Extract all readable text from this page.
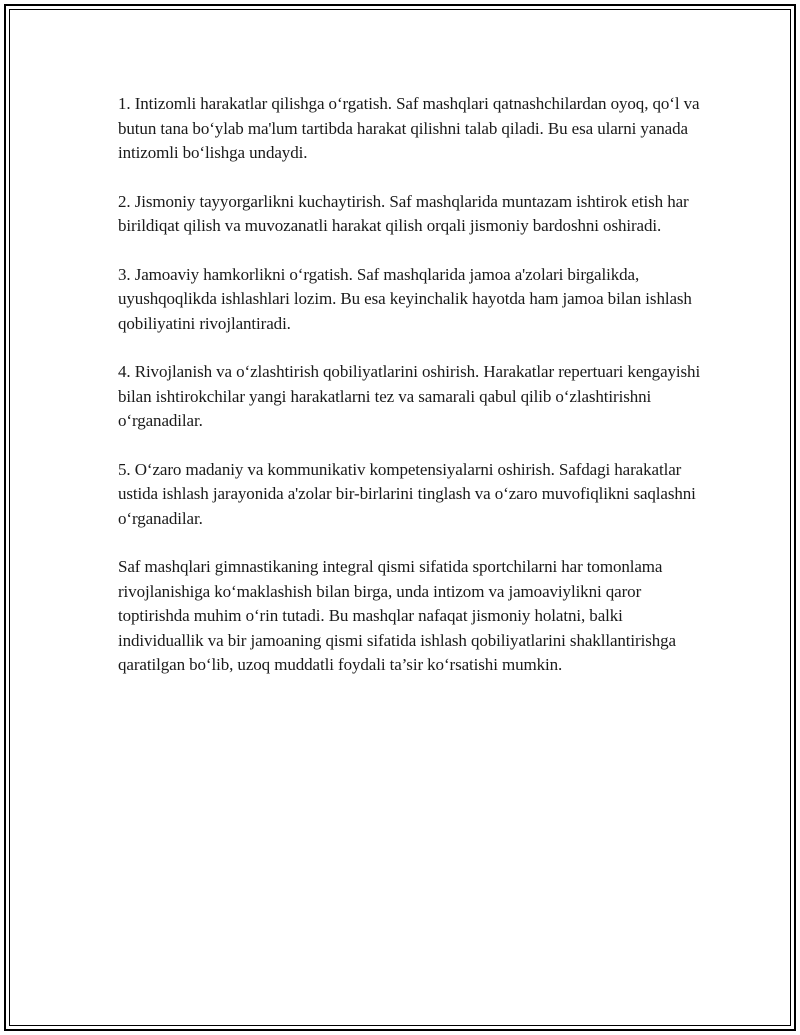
1. Intizomli harakatlar qilishga o‘rgatish. Saf mashqlari qatnashchilardan oyoq, qo‘l va butun tana bo‘ylab ma'lum tartibda harakat qilishni talab qiladi. Bu esa ularni yanada intizomli bo‘lishga undaydi.

2. Jismoniy tayyorgarlikni kuchaytirish. Saf mashqlarida muntazam ishtirok etish har birildiqat qilish va muvozanatli harakat qilish orqali jismoniy bardoshni oshiradi.

3. Jamoaviy hamkorlikni o‘rgatish. Saf mashqlarida jamoa a'zolari birgalikda, uyushqoqlikda ishlashlari lozim. Bu esa keyinchalik hayotda ham jamoa bilan ishlash qobiliyatini rivojlantiradi.

4. Rivojlanish va o‘zlashtirish qobiliyatlarini oshirish. Harakatlar repertuari kengayishi bilan ishtirokchilar yangi harakatlarni tez va samarali qabul qilib o‘zlashtirishni o‘rganadilar.

5. O‘zaro madaniy va kommunikativ kompetensiyalarni oshirish. Safdagi harakatlar ustida ishlash jarayonida a'zolar bir-birlarini tinglash va o‘zaro muvofiqlikni saqlashni o‘rganadilar.

Saf mashqlari gimnastikaning integral qismi sifatida sportchilarni har tomonlama rivojlanishiga ko‘maklashish bilan birga, unda intizom va jamoaviylikni qaror toptirishda muhim o‘rin tutadi. Bu mashqlar nafaqat jismoniy holatni, balki individuallik va bir jamoaning qismi sifatida ishlash qobiliyatlarini shakllantirishga qaratilgan bo‘lib, uzoq muddatli foydali ta’sir ko‘rsatishi mumkin.
